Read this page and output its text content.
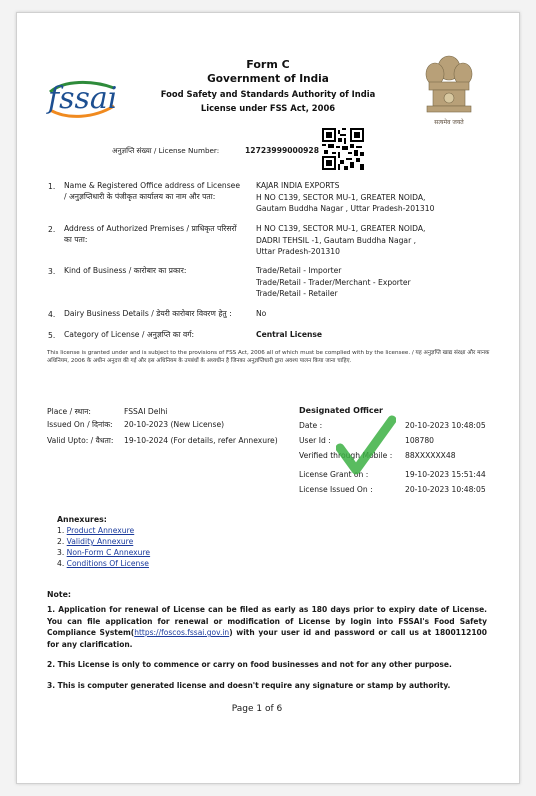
fssai
सत्यमेव जयते
Form C
Government of India
Food Safety and Standards Authority of India
License under FSS Act, 2006
अनुज्ञप्ति संख्या / License Number:	12723999000928
1. Name & Registered Office address of Licensee / अनुज्ञप्तिधारी के पंजीकृत कार्यालय का नाम और पता:
KAJAR INDIA EXPORTS
H NO C139, SECTOR MU-1, GREATER NOIDA,
Gautam Buddha Nagar , Uttar Pradesh-201310
2. Address of Authorized Premises / प्राधिकृत परिसरों का पता:
H NO C139, SECTOR MU-1, GREATER NOIDA,
DADRI TEHSIL -1, Gautam Buddha Nagar ,
Uttar Pradesh-201310
3. Kind of Business / कारोबार का प्रकार:	Trade/Retail - Importer
Trade/Retail - Trader/Merchant - Exporter
Trade/Retail - Retailer
4. Dairy Business Details / डेयरी कारोबार विवरण हेतु :	No
5. Category of License / अनुज्ञप्ति का वर्ग:	Central License
This license is granted under and is subject to the provisions of FSS Act, 2006 all of which must be complied with by the licensee. / यह अनुज्ञप्ति खाद्य संरक्षा और मानक अधिनियम, 2006 के अधीन अनुदत्त की गई और इस अधिनियम के उपबंधों के अध्यधीन है जिनका अनुज्ञप्तिधारी द्वारा अवश्य पालन किया जाना चाहिए.
Place / स्थान:	FSSAI Delhi
Issued On / दिनांक: 20-10-2023 (New License)
Valid Upto: / वैधता: 19-10-2024 (For details, refer Annexure)
Designated Officer
Date :	20-10-2023 10:48:05
User Id :	108780
Verified through Mobile : 88XXXXXX48
License Grant on :	19-10-2023 15:51:44
License Issued On :	20-10-2023 10:48:05
Annexures:
1. Product Annexure
2. Validity Annexure
3. Non-Form C Annexure
4. Conditions Of License
Note:
1. Application for renewal of License can be filed as early as 180 days prior to expiry date of License. You can file application for renewal or modification of License by login into FSSAI's Food Safety Compliance System(https://foscos.fssai.gov.in) with your user id and password or call us at 1800112100 for any clarification.
2. This License is only to commence or carry on food businesses and not for any other purpose.
3. This is computer generated license and doesn't require any signature or stamp by authority.
Page 1 of 6
